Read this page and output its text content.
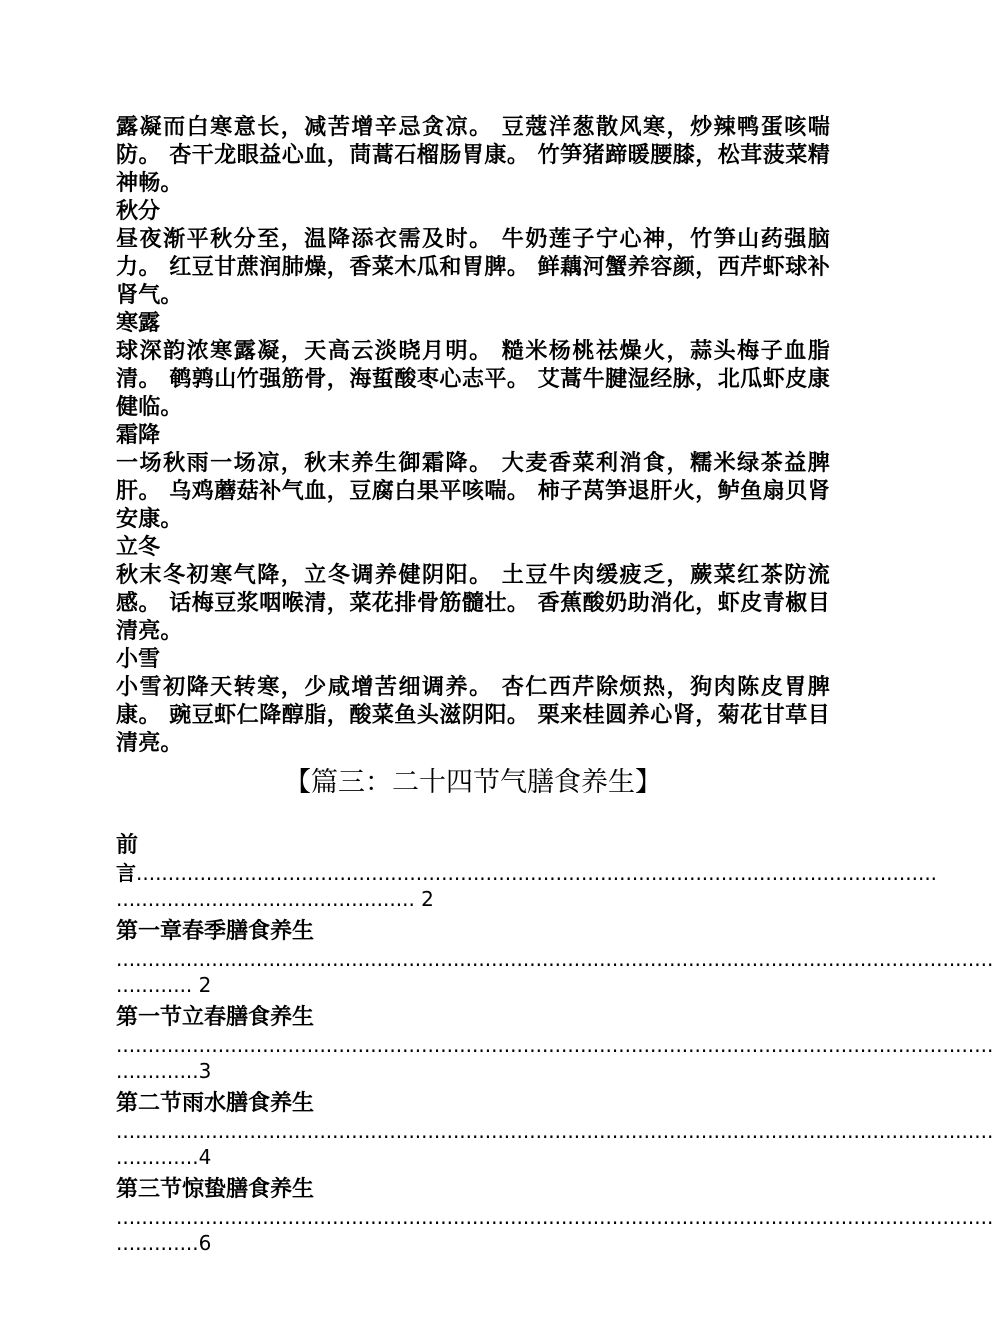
露凝而白寒意长，减苦增辛忌贪凉。 豆蔻洋葱散风寒，炒辣鸭蛋咳喘防。 杏干龙眼益心血，茼蒿石榴肠胃康。 竹笋猪蹄暖腰膝，松茸菠菜精神畅。

秋分

昼夜渐平秋分至，温降添衣需及时。 牛奶莲子宁心神，竹笋山药强脑力。 红豆甘蔗润肺燥，香菜木瓜和胃脾。 鲜藕河蟹养容颜，西芹虾球补肾气。

寒露

球深韵浓寒露凝，天高云淡晓月明。 糙米杨桃祛燥火，蒜头梅子血脂清。 鹌鹑山竹强筋骨，海蜇酸枣心志平。 艾蒿牛腱湿经脉，北瓜虾皮康健临。

霜降

一场秋雨一场凉，秋末养生御霜降。 大麦香菜利消食，糯米绿茶益脾肝。 乌鸡蘑菇补气血，豆腐白果平咳喘。 柿子莴笋退肝火，鲈鱼扇贝肾安康。

立冬

秋末冬初寒气降，立冬调养健阴阳。 土豆牛肉缓疲乏，蕨菜红茶防流感。 话梅豆浆咽喉清，菜花排骨筋髓壮。 香蕉酸奶助消化，虾皮青椒目清亮。

小雪

小雪初降天转寒，少咸增苦细调养。 杏仁西芹除烦热，狗肉陈皮胃脾康。 豌豆虾仁降醇脂，酸菜鱼头滋阴阳。 栗来桂圆养心肾，菊花甘草目清亮。

【篇三：二十四节气膳食养生】

前

言..............................................................................................................................

............................................... 2

第一章春季膳食养生

..........................................................................................................................................

............ 2

第一节立春膳食养生

..........................................................................................................................................

.............3

第二节雨水膳食养生

..........................................................................................................................................

.............4

第三节惊蛰膳食养生

..........................................................................................................................................

.............6
